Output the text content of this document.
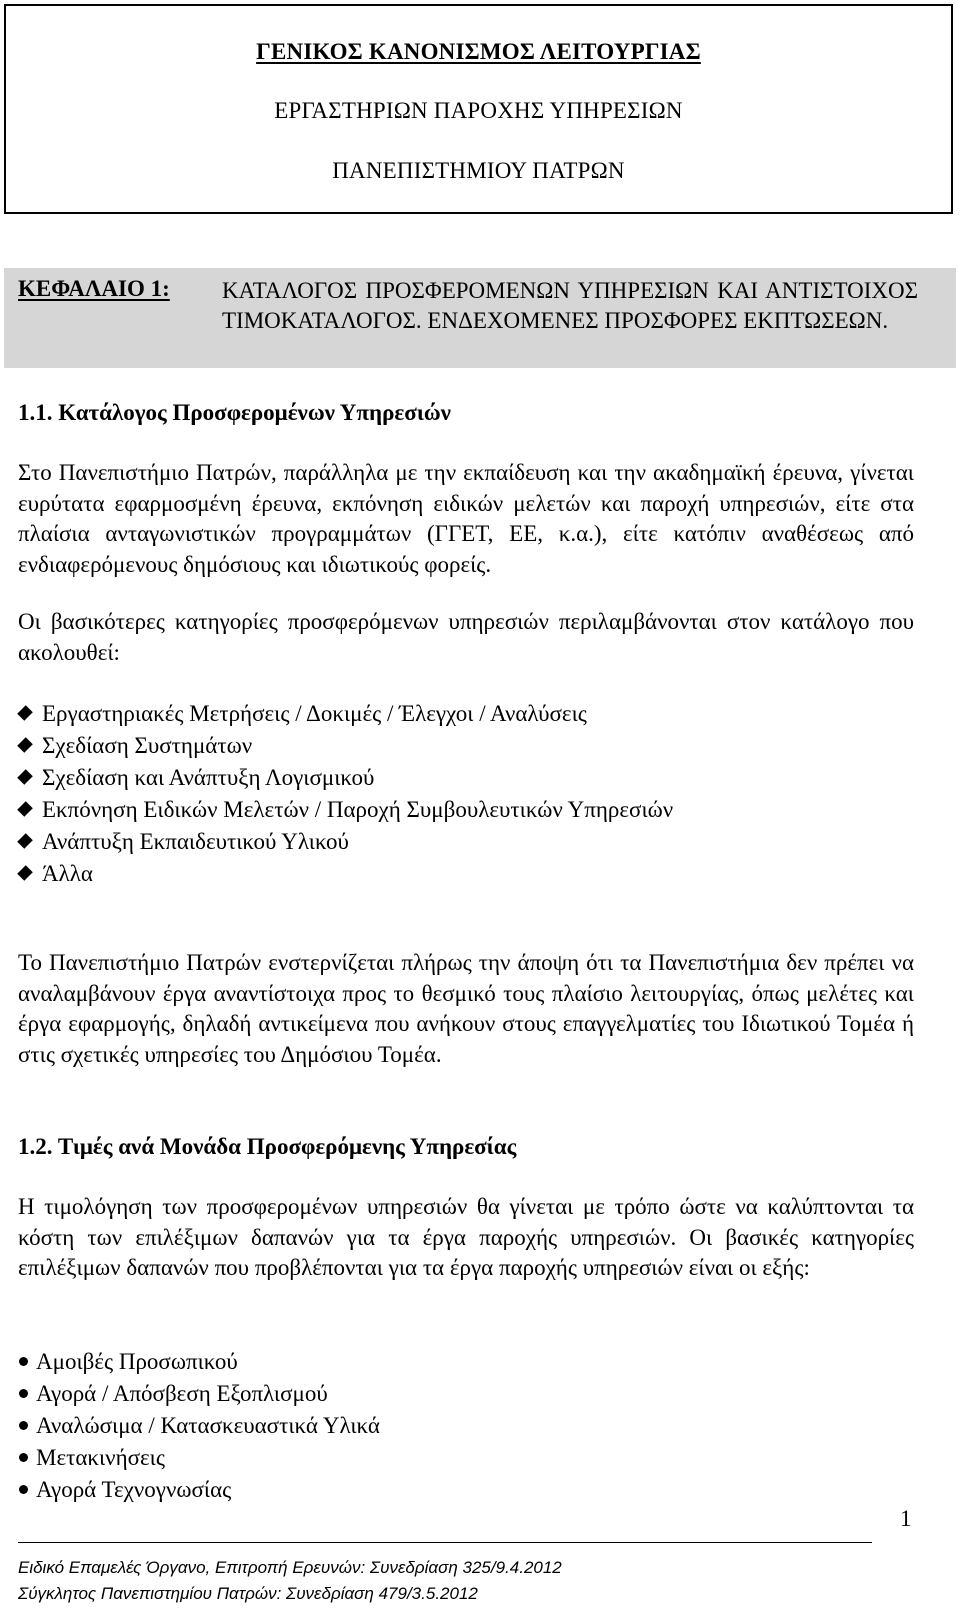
ΓΕΝΙΚΟΣ ΚΑΝΟΝΙΣΜΟΣ ΛΕΙΤΟΥΡΓΙΑΣ
ΕΡΓΑΣΤΗΡΙΩΝ ΠΑΡΟΧΗΣ ΥΠΗΡΕΣΙΩΝ
ΠΑΝΕΠΙΣΤΗΜΙΟΥ ΠΑΤΡΩΝ
ΚΕΦΑΛΑΙΟ 1: ΚΑΤΑΛΟΓΟΣ ΠΡΟΣΦΕΡΟΜΕΝΩΝ ΥΠΗΡΕΣΙΩΝ ΚΑΙ ΑΝΤΙΣΤΟΙΧΟΣ ΤΙΜΟΚΑΤΑΛΟΓΟΣ. ΕΝΔΕΧΟΜΕΝΕΣ ΠΡΟΣΦΟΡΕΣ ΕΚΠΤΩΣΕΩΝ.
1.1. Κατάλογος Προσφερομένων Υπηρεσιών
Στο Πανεπιστήμιο Πατρών, παράλληλα με την εκπαίδευση και την ακαδημαϊκή έρευνα, γίνεται ευρύτατα εφαρμοσμένη έρευνα, εκπόνηση ειδικών μελετών και παροχή υπηρεσιών, είτε στα πλαίσια ανταγωνιστικών προγραμμάτων (ΓΓΕΤ, ΕΕ, κ.α.), είτε κατόπιν αναθέσεως από ενδιαφερόμενους δημόσιους και ιδιωτικούς φορείς.
Οι βασικότερες κατηγορίες προσφερόμενων υπηρεσιών περιλαμβάνονται στον κατάλογο που ακολουθεί:
Εργαστηριακές Μετρήσεις / Δοκιμές / Έλεγχοι / Αναλύσεις
Σχεδίαση Συστημάτων
Σχεδίαση και Ανάπτυξη Λογισμικού
Εκπόνηση Ειδικών Μελετών / Παροχή Συμβουλευτικών Υπηρεσιών
Ανάπτυξη Εκπαιδευτικού Υλικού
Άλλα
Το Πανεπιστήμιο Πατρών ενστερνίζεται πλήρως την άποψη ότι τα Πανεπιστήμια δεν πρέπει να αναλαμβάνουν έργα αναντίστοιχα προς το θεσμικό τους πλαίσιο λειτουργίας, όπως μελέτες και έργα εφαρμογής, δηλαδή αντικείμενα που ανήκουν στους επαγγελματίες του Ιδιωτικού Τομέα ή στις σχετικές υπηρεσίες του Δημόσιου Τομέα.
1.2. Τιμές ανά Μονάδα Προσφερόμενης Υπηρεσίας
Η τιμολόγηση των προσφερομένων υπηρεσιών θα γίνεται με τρόπο ώστε να καλύπτονται τα κόστη των επιλέξιμων δαπανών για τα έργα παροχής υπηρεσιών. Οι βασικές κατηγορίες επιλέξιμων δαπανών που προβλέπονται για τα έργα παροχής υπηρεσιών είναι οι εξής:
Αμοιβές Προσωπικού
Αγορά / Απόσβεση Εξοπλισμού
Αναλώσιμα / Κατασκευαστικά Υλικά
Μετακινήσεις
Αγορά Τεχνογνωσίας
1
Ειδικό Επαμελές Όργανο, Επιτροπή Ερευνών: Συνεδρίαση 325/9.4.2012
Σύγκλητος Πανεπιστημίου Πατρών: Συνεδρίαση 479/3.5.2012
